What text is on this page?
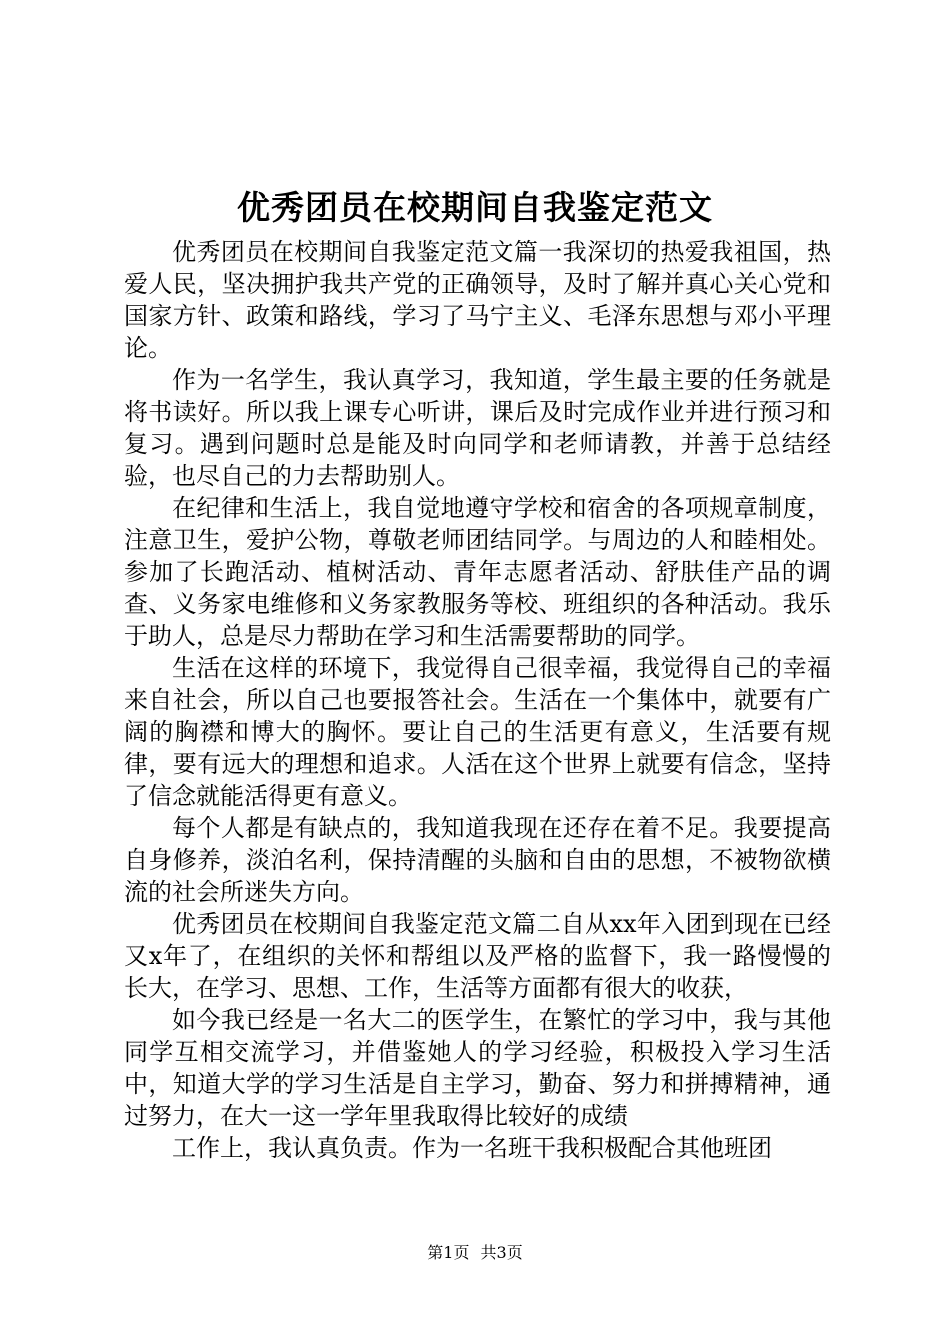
优秀团员在校期间自我鉴定范文

优秀团员在校期间自我鉴定范文篇一我深切的热爱我祖国，热爱人民，坚决拥护我共产党的正确领导，及时了解并真心关心党和国家方针、政策和路线，学习了马宁主义、毛泽东思想与邓小平理论。

作为一名学生，我认真学习，我知道，学生最主要的任务就是将书读好。所以我上课专心听讲，课后及时完成作业并进行预习和复习。遇到问题时总是能及时向同学和老师请教，并善于总结经验，也尽自己的力去帮助别人。

在纪律和生活上，我自觉地遵守学校和宿舍的各项规章制度，注意卫生，爱护公物，尊敬老师团结同学。与周边的人和睦相处。参加了长跑活动、植树活动、青年志愿者活动、舒肤佳产品的调查、义务家电维修和义务家教服务等校、班组织的各种活动。我乐于助人，总是尽力帮助在学习和生活需要帮助的同学。

生活在这样的环境下，我觉得自己很幸福，我觉得自己的幸福来自社会，所以自己也要报答社会。生活在一个集体中，就要有广阔的胸襟和博大的胸怀。要让自己的生活更有意义，生活要有规律，要有远大的理想和追求。人活在这个世界上就要有信念，坚持了信念就能活得更有意义。

每个人都是有缺点的，我知道我现在还存在着不足。我要提高自身修养，淡泊名利，保持清醒的头脑和自由的思想，不被物欲横流的社会所迷失方向。

优秀团员在校期间自我鉴定范文篇二自从xx年入团到现在已经又x年了，在组织的关怀和帮组以及严格的监督下，我一路慢慢的长大，在学习、思想、工作，生活等方面都有很大的收获，

如今我已经是一名大二的医学生，在繁忙的学习中，我与其他同学互相交流学习，并借鉴她人的学习经验，积极投入学习生活中，知道大学的学习生活是自主学习，勤奋、努力和拼搏精神，通过努力，在大一这一学年里我取得比较好的成绩

工作上，我认真负责。作为一名班干我积极配合其他班团

第1页 共3页
